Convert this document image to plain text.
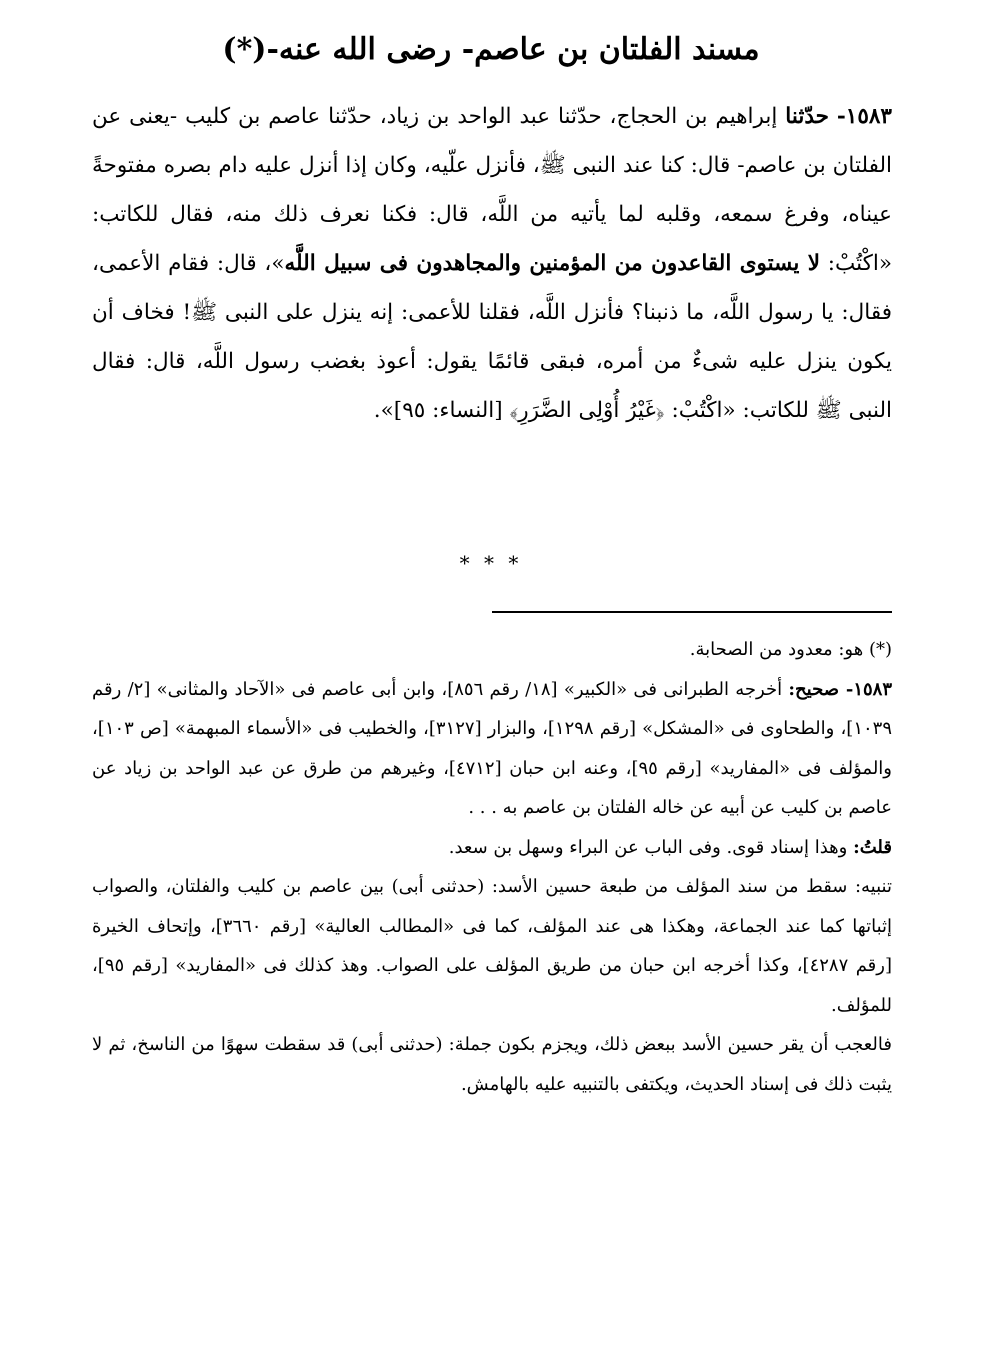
مسند الفلتان بن عاصم- رضى الله عنه-(*)

١٥٨٣- حدّثنا إبراهيم بن الحجاج، حدّثنا عبد الواحد بن زياد، حدّثنا عاصم بن كليب -يعنى عن الفلتان بن عاصم- قال: كنا عند النبى ﷺ، فأنزل علّيه، وكان إذا أنزل عليه دام بصره مفتوحةً عيناه، وفرغ سمعه، وقلبه لما يأتيه من اللَّه، قال: فكنا نعرف ذلك منه، فقال للكاتب: «اكْتُبْ: لا يستوى القاعدون من المؤمنين والمجاهدون فى سبيل اللَّه»، قال: فقام الأعمى، فقال: يا رسول اللَّه، ما ذنبنا؟ فأنزل اللَّه، فقلنا للأعمى: إنه ينزل على النبى ﷺ! فخاف أن يكون ينزل عليه شىءٌ من أمره، فبقى قائمًا يقول: أعوذ بغضب رسول اللَّه، قال: فقال النبى ﷺ للكاتب: «اكْتُبْ: ﴿غَيْرُ أُوْلِى الضَّرَرِ﴾ [النساء: ٩٥]».

* * *

(*) هو: معدود من الصحابة.

١٥٨٣- صحيح: أخرجه الطبرانى فى «الكبير» [١٨/ رقم ٨٥٦]، وابن أبى عاصم فى «الآحاد والمثانى» [٢/ رقم ١٠٣٩]، والطحاوى فى «المشكل» [رقم ١٢٩٨]، والبزار [٣١٢٧]، والخطيب فى «الأسماء المبهمة» [ص ١٠٣]، والمؤلف فى «المفاريد» [رقم ٩٥]، وعنه ابن حبان [٤٧١٢]، وغيرهم من طرق عن عبد الواحد بن زياد عن عاصم بن كليب عن أبيه عن خاله الفلتان بن عاصم به . . .

قلتُ: وهذا إسناد قوى. وفى الباب عن البراء وسهل بن سعد.

تنبيه: سقط من سند المؤلف من طبعة حسين الأسد: (حدثنى أبى) بين عاصم بن كليب والفلتان، والصواب إثباتها كما عند الجماعة، وهكذا هى عند المؤلف، كما فى «المطالب العالية» [رقم ٣٦٦٠]، وإتحاف الخيرة [رقم ٤٢٨٧]، وكذا أخرجه ابن حبان من طريق المؤلف على الصواب. وهذ كذلك فى «المفاريد» [رقم ٩٥]، للمؤلف.

فالعجب أن يقر حسين الأسد ببعض ذلك، ويجزم بكون جملة: (حدثنى أبى) قد سقطت سهوًا من الناسخ، ثم لا يثبت ذلك فى إسناد الحديث، ويكتفى بالتنبيه عليه بالهامش.
